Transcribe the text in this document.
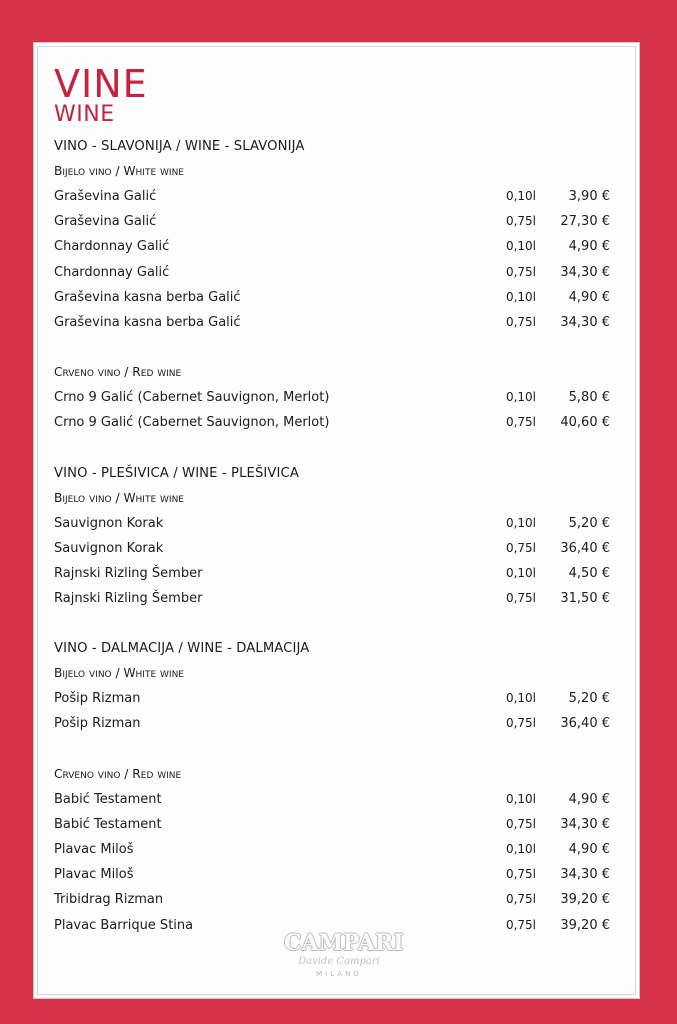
VINE
WINE
VINO - SLAVONIJA / WINE - SLAVONIJA
Bijelo vino / White wine
Graševina Galić	0,10l	3,90 €
Graševina Galić	0,75l 27,30 €
Chardonnay Galić	0,10l	4,90 €
Chardonnay Galić	0,75l 34,30 €
Graševina kasna berba Galić	0,10l	4,90 €
Graševina kasna berba Galić	0,75l 34,30 €
Crveno vino / Red wine
Crno 9 Galić (Cabernet Sauvignon, Merlot)	0,10l	5,80 €
Crno 9 Galić (Cabernet Sauvignon, Merlot)	0,75l 40,60 €
VINO - PLEŠIVICA / WINE - PLEŠIVICA
Bijelo vino / White wine
Sauvignon Korak	0,10l	5,20 €
Sauvignon Korak	0,75l 36,40 €
Rajnski Rizling Šember	0,10l	4,50 €
Rajnski Rizling Šember	0,75l 31,50 €
VINO - DALMACIJA / WINE - DALMACIJA
Bijelo vino / White wine
Pošip Rizman	0,10l	5,20 €
Pošip Rizman	0,75l 36,40 €
Crveno vino / Red wine
Babić Testament	0,10l	4,90 €
Babić Testament	0,75l 34,30 €
Plavac Miloš	0,10l	4,90 €
Plavac Miloš	0,75l 34,30 €
Tribidrag Rizman	0,75l 39,20 €
Plavac Barrique Stina	0,75l 39,20 €
CAMPARI
Davide Campari
MILANO
